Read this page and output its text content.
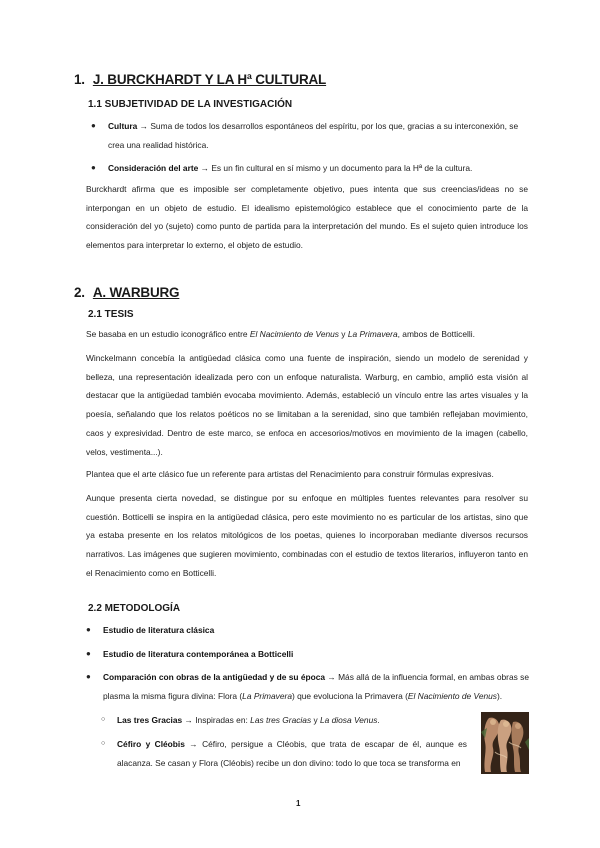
1. J. BURCKHARDT Y LA Hª CULTURAL
1.1 SUBJETIVIDAD DE LA INVESTIGACIÓN
● Cultura → Suma de todos los desarrollos espontáneos del espíritu, por los que, gracias a su interconexión, se crea una realidad histórica.
● Consideración del arte → Es un fin cultural en sí mismo y un documento para la Hª de la cultura.
Burckhardt afirma que es imposible ser completamente objetivo, pues intenta que sus creencias/ideas no se interpongan en un objeto de estudio. El idealismo epistemológico establece que el conocimiento parte de la consideración del yo (sujeto) como punto de partida para la interpretación del mundo. Es el sujeto quien introduce los elementos para interpretar lo externo, el objeto de estudio.
2. A. WARBURG
2.1 TESIS
Se basaba en un estudio iconográfico entre El Nacimiento de Venus y La Primavera, ambos de Botticelli.
Winckelmann concebía la antigüedad clásica como una fuente de inspiración, siendo un modelo de serenidad y belleza, una representación idealizada pero con un enfoque naturalista. Warburg, en cambio, amplió esta visión al destacar que la antigüedad también evocaba movimiento. Además, estableció un vínculo entre las artes visuales y la poesía, señalando que los relatos poéticos no se limitaban a la serenidad, sino que también reflejaban movimiento, caos y expresividad. Dentro de este marco, se enfoca en accesorios/motivos en movimiento de la imagen (cabello, velos, vestimenta...).
Plantea que el arte clásico fue un referente para artistas del Renacimiento para construir fórmulas expresivas.
Aunque presenta cierta novedad, se distingue por su enfoque en múltiples fuentes relevantes para resolver su cuestión. Botticelli se inspira en la antigüedad clásica, pero este movimiento no es particular de los artistas, sino que ya estaba presente en los relatos mitológicos de los poetas, quienes lo incorporaban mediante diversos recursos narrativos. Las imágenes que sugieren movimiento, combinadas con el estudio de textos literarios, influyeron tanto en el Renacimiento como en Botticelli.
2.2 METODOLOGÍA
● Estudio de literatura clásica
● Estudio de literatura contemporánea a Botticelli
● Comparación con obras de la antigüedad y de su época → Más allá de la influencia formal, en ambas obras se plasma la misma figura divina: Flora (La Primavera) que evoluciona la Primavera (El Nacimiento de Venus).
○ Las tres Gracias → Inspiradas en: Las tres Gracias y La diosa Venus.
○ Céfiro y Cléobis → Céfiro, persigue a Cléobis, que trata de escapar de él, aunque es alacanza. Se casan y Flora (Cléobis) recibe un don divino: todo lo que toca se transforma en
1
